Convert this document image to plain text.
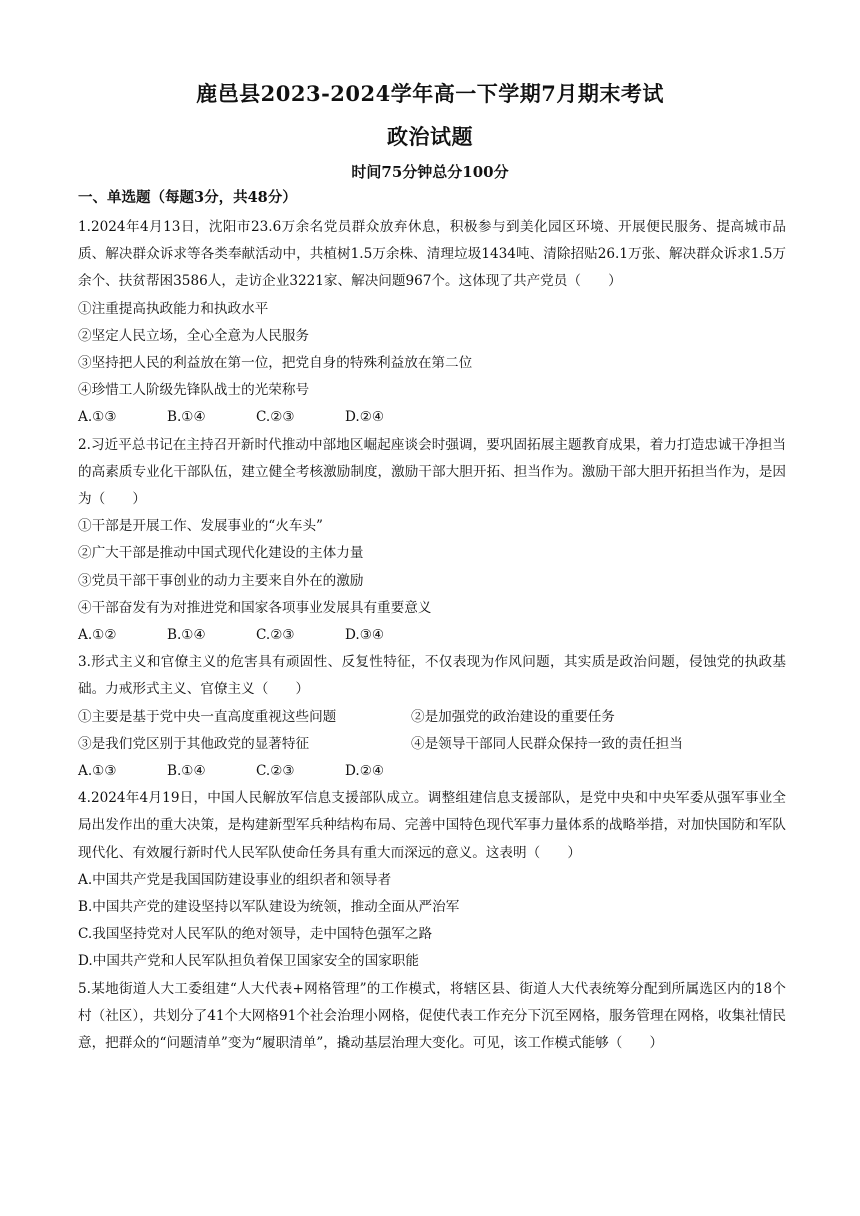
鹿邑县2023-2024学年高一下学期7月期末考试
政治试题
时间75分钟总分100分
一、单选题（每题3分，共48分）

1.2024年4月13日，沈阳市23.6万余名党员群众放弃休息，积极参与到美化园区环境、开展便民服务、提高城市品质、解决群众诉求等各类奉献活动中，共植树1.5万余株、清理垃圾1434吨、清除招贴26.1万张、解决群众诉求1.5万余个、扶贫帮困3586人，走访企业3221家、解决问题967个。这体现了共产党员（　　）

①注重提高执政能力和执政水平

②坚定人民立场，全心全意为人民服务

③坚持把人民的利益放在第一位，把党自身的特殊利益放在第二位

④珍惜工人阶级先锋队战士的光荣称号

A.①③	B.①④	C.②③	D.②④

2.习近平总书记在主持召开新时代推动中部地区崛起座谈会时强调，要巩固拓展主题教育成果，着力打造忠诚干净担当的高素质专业化干部队伍，建立健全考核激励制度，激励干部大胆开拓、担当作为。激励干部大胆开拓担当作为，是因为（　　）

①干部是开展工作、发展事业的“火车头”

②广大干部是推动中国式现代化建设的主体力量

③党员干部干事创业的动力主要来自外在的激励

④干部奋发有为对推进党和国家各项事业发展具有重要意义

A.①②	B.①④	C.②③	D.③④

3.形式主义和官僚主义的危害具有顽固性、反复性特征，不仅表现为作风问题，其实质是政治问题，侵蚀党的执政基础。力戒形式主义、官僚主义（　　）

①主要是基于党中央一直高度重视这些问题	②是加强党的政治建设的重要任务
③是我们党区别于其他政党的显著特征	④是领导干部同人民群众保持一致的责任担当
A.①③	B.①④	C.②③	D.②④

4.2024年4月19日，中国人民解放军信息支援部队成立。调整组建信息支援部队，是党中央和中央军委从强军事业全局出发作出的重大决策，是构建新型军兵种结构布局、完善中国特色现代军事力量体系的战略举措，对加快国防和军队现代化、有效履行新时代人民军队使命任务具有重大而深远的意义。这表明（　　）

A.中国共产党是我国国防建设事业的组织者和领导者

B.中国共产党的建设坚持以军队建设为统领，推动全面从严治军

C.我国坚持党对人民军队的绝对领导，走中国特色强军之路

D.中国共产党和人民军队担负着保卫国家安全的国家职能

5.某地街道人大工委组建“人大代表+网格管理”的工作模式，将辖区县、街道人大代表统筹分配到所属选区内的18个村（社区），共划分了41个大网格91个社会治理小网格，促使代表工作充分下沉至网格，服务管理在网格，收集社情民意，把群众的“问题清单”变为“履职清单”，撬动基层治理大变化。可见，该工作模式能够（　　）
